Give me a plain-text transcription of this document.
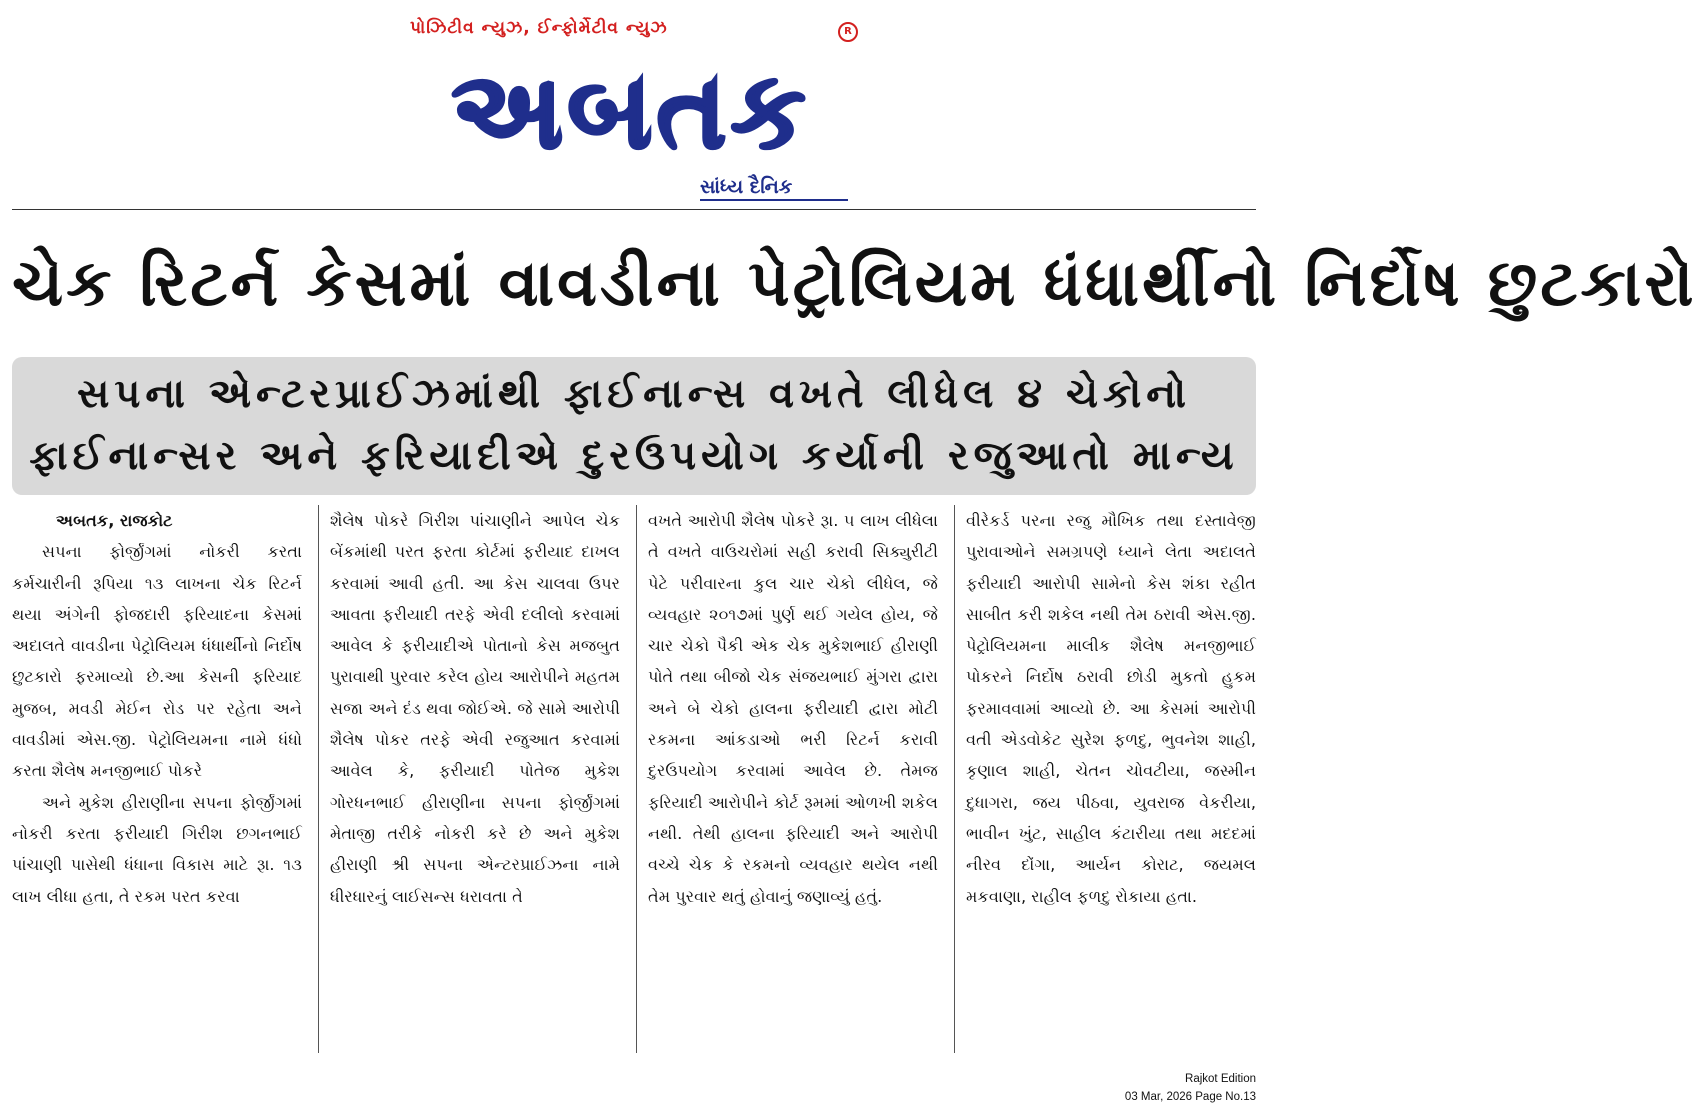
પોઝિટીવ ન્યુઝ, ઈન્ફોર્મેટીવ ન્યુઝ	R
અબતક
સાંધ્ય દૈનિક
ચેક રિટર્ન કેસમાં વાવડીના પેટ્રોલિયમ ધંધાર્થીનો નિર્દોષ છુટકારો
સપના એન્ટરપ્રાઈઝમાંથી ફાઈનાન્સ વખતે લીધેલ ૪ ચેકોનો
ફાઈનાન્સર અને ફરિયાદીએ દુરઉપયોગ કર્યાની રજુઆતો માન્ય

અબતક, રાજકોટ

સપના ફોર્જીંગમાં નોકરી કરતા કર્મચારીની રૂપિયા ૧૩ લાખના ચેક રિટર્ન થયા અંગેની ફોજદારી ફરિયાદના કેસમાં અદાલતે વાવડીના પેટ્રોલિયમ ધંધાર્થીનો નિર્દોષ છુટકારો ફરમાવ્યો છે.આ કેસની ફરિયાદ મુજબ, મવડી મેઈન રોડ પર રહેતા અને વાવડીમાં એસ.જી. પેટ્રોલિયમના નામે ધંધો કરતા શૈલેષ મનજીભાઈ પોકરે

અને મુકેશ હીરાણીના સપના ફોર્જીંગમાં નોકરી કરતા ફરીયાદી ગિરીશ છગનભાઈ પાંચાણી પાસેથી ધંધાના વિકાસ માટે રૂા. ૧૩ લાખ લીધા હતા, તે રકમ પરત કરવા

શૈલેષ પોકરે ગિરીશ પાંચાણીને આપેલ ચેક બેંકમાંથી પરત ફરતા કોર્ટમાં ફરીયાદ દાખલ કરવામાં આવી હતી. આ કેસ ચાલવા ઉપર આવતા ફરીયાદી તરફે એવી દલીલો કરવામાં આવેલ કે ફરીયાદીએ પોતાનો કેસ મજબુત પુરાવાથી પુરવાર કરેલ હોય આરોપીને મહતમ સજા અને દંડ થવા જોઈએ. જે સામે આરોપી શૈલેષ પોકર તરફે એવી રજુઆત કરવામાં આવેલ કે, ફરીયાદી પોતેજ મુકેશ ગોરધનભાઈ હીરાણીના સપના ફોર્જીંગમાં મેતાજી તરીકે નોકરી કરે છે અને મુકેશ હીરાણી શ્રી સપના એન્ટરપ્રાઈઝના નામે ધીરધારનું લાઈસન્સ ધરાવતા તે

વખતે આરોપી શૈલેષ પોકરે રૂા. ૫ લાખ લીધેલા તે વખતે વાઉચરોમાં સહી કરાવી સિક્યુરીટી પેટે પરીવારના કુલ ચાર ચેકો લીધેલ, જે વ્યવહાર ૨૦૧૭માં પુર્ણ થઈ ગયેલ હોય, જે ચાર ચેકો પૈકી એક ચેક મુકેશભાઈ હીરાણી પોતે તથા બીજો ચેક સંજયભાઈ મુંગરા દ્વારા અને બે ચેકો હાલના ફરીયાદી દ્વારા મોટી રકમના આંકડાઓ ભરી રિટર્ન કરાવી દુરઉપયોગ કરવામાં આવેલ છે. તેમજ ફરિયાદી આરોપીને કોર્ટ રૂમમાં ઓળખી શકેલ નથી. તેથી હાલના ફરિયાદી અને આરોપી વચ્ચે ચેક કે રકમનો વ્યવહાર થયેલ નથી તેમ પુરવાર થતું હોવાનું જણાવ્યું હતું.

વીરેકર્ડ પરના રજુ મૌખિક તથા દસ્તાવેજી પુરાવાઓને સમગ્રપણે ધ્યાને લેતા અદાલતે ફરીયાદી આરોપી સામેનો કેસ શંકા રહીત સાબીત કરી શકેલ નથી તેમ ઠરાવી એસ.જી. પેટ્રોલિયમના માલીક શૈલેષ મનજીભાઈ પોકરને નિર્દોષ ઠરાવી છોડી મુકતો હુકમ ફરમાવવામાં આવ્યો છે. આ કેસમાં આરોપી વતી એડવોકેટ સુરેશ ફળદુ, ભુવનેશ શાહી, કૃણાલ શાહી, ચેતન ચોવટીયા, જસ્મીન દુધાગરા, જય પીઠવા, યુવરાજ વેકરીયા, ભાવીન ખુંટ, સાહીલ કંટારીયા તથા મદદમાં નીરવ દોંગા, આર્યન કોરાટ, જયમલ મકવાણા, રાહીલ ફળદુ રોકાયા હતા.

Rajkot Edition
03 Mar, 2026 Page No.13
